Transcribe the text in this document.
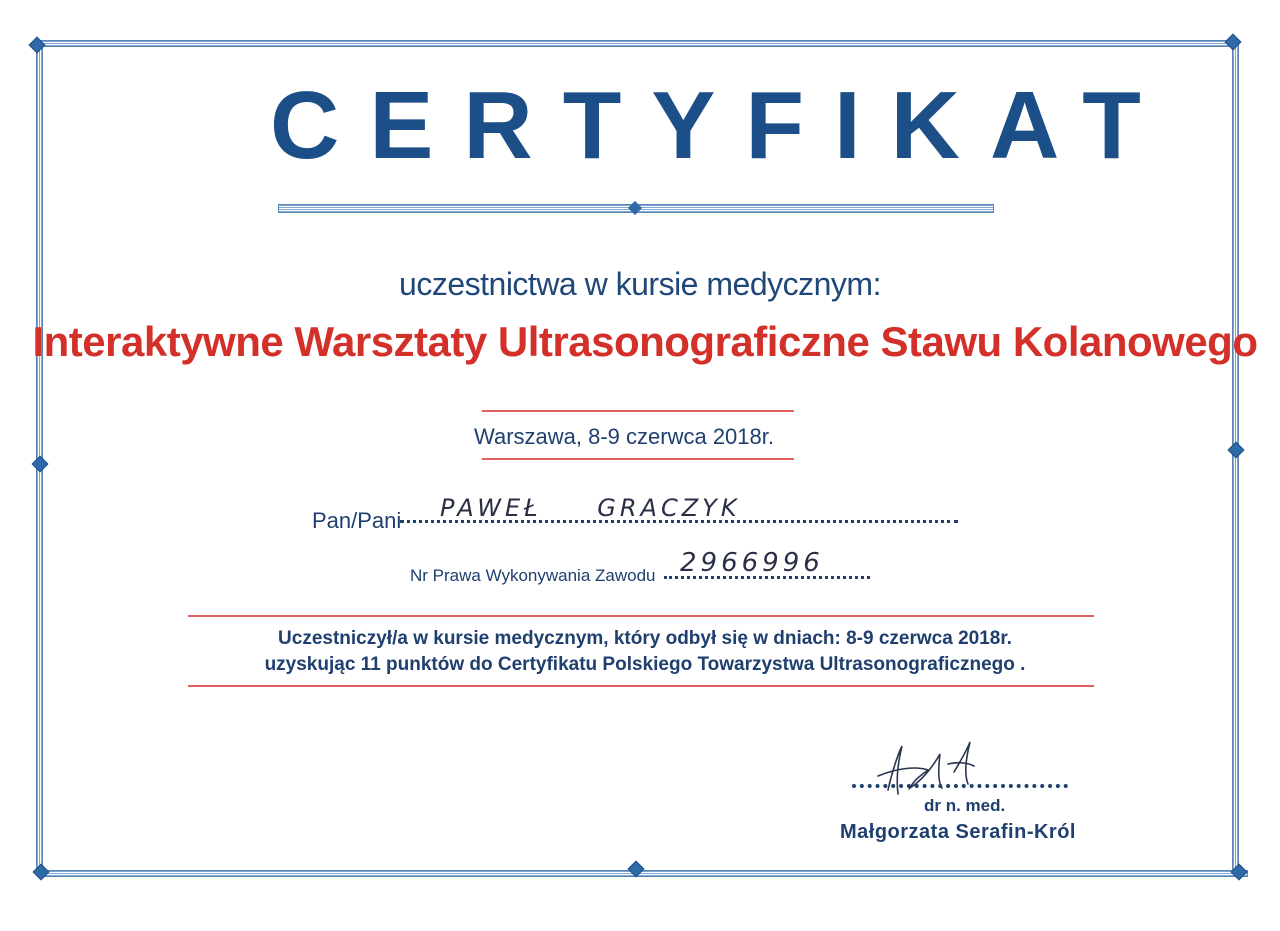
CERTYFIKAT
uczestnictwa w kursie medycznym:
Interaktywne Warsztaty Ultrasonograficzne Stawu Kolanowego
Warszawa, 8-9 czerwca 2018r.
Pan/Pani PAWEŁ GRACZYK
Nr Prawa Wykonywania Zawodu 2966996
Uczestniczył/a w kursie medycznym, który odbył się w dniach: 8-9 czerwca 2018r.
uzyskując 11 punktów do Certyfikatu Polskiego Towarzystwa Ultrasonograficznego .
dr n. med.
Małgorzata Serafin-Król
